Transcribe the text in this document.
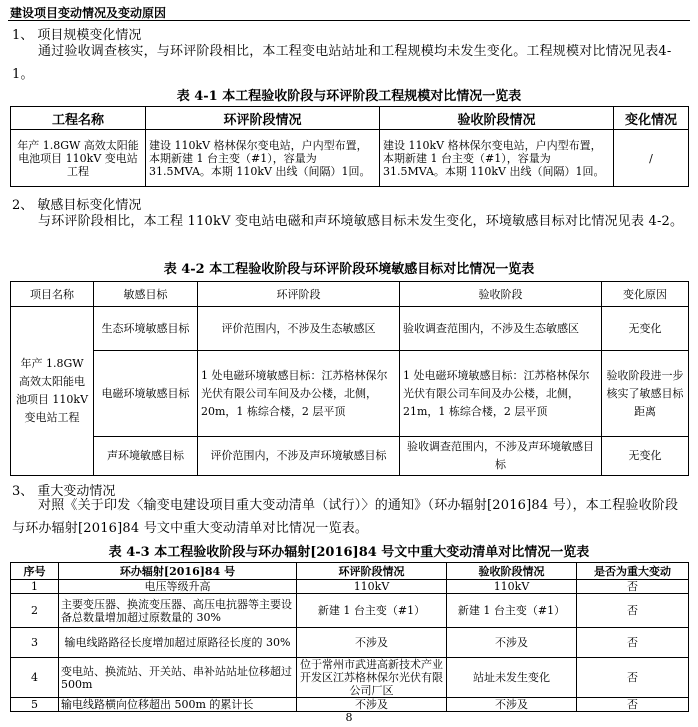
建设项目变动情况及变动原因
1、 项目规模变化情况
通过验收调查核实，与环评阶段相比，本工程变电站站址和工程规模均未发生变化。工程规模对比情况见表4-1。
表 4-1 本工程验收阶段与环评阶段工程规模对比情况一览表
工程名称	环评阶段情况	验收阶段情况	变化情况
年产 1.8GW 高效太阳能电池项目 110kV 变电站工程	建设 110kV 格林保尔变电站，户内型布置，本期新建 1 台主变（#1），容量为31.5MVA。本期 110kV 出线（间隔）1回。	建设 110kV 格林保尔变电站，户内型布置，本期新建 1 台主变（#1），容量为31.5MVA。本期 110kV 出线（间隔）1回。	/
2、 敏感目标变化情况
与环评阶段相比，本工程 110kV 变电站电磁和声环境敏感目标未发生变化，环境敏感目标对比情况见表 4-2。
表 4-2 本工程验收阶段与环评阶段环境敏感目标对比情况一览表
项目名称	敏感目标	环评阶段	验收阶段	变化原因
年产 1.8GW 高效太阳能电池项目 110kV 变电站工程	生态环境敏感目标	评价范围内，不涉及生态敏感区	验收调查范围内，不涉及生态敏感区	无变化
	电磁环境敏感目标	1 处电磁环境敏感目标：江苏格林保尔光伏有限公司车间及办公楼，北侧，20m，1 栋综合楼，2 层平顶	1 处电磁环境敏感目标：江苏格林保尔光伏有限公司车间及办公楼，北侧，21m，1 栋综合楼，2 层平顶	验收阶段进一步核实了敏感目标距离
	声环境敏感目标	评价范围内，不涉及声环境敏感目标	验收调查范围内，不涉及声环境敏感目标	无变化
3、 重大变动情况
对照《关于印发〈输变电建设项目重大变动清单（试行）〉的通知》（环办辐射[2016]84 号），本工程验收阶段与环办辐射[2016]84 号文中重大变动清单对比情况一览表。
表 4-3 本工程验收阶段与环办辐射[2016]84 号文中重大变动清单对比情况一览表
序号	环办辐射[2016]84 号	环评阶段情况	验收阶段情况	是否为重大变动
1	电压等级升高	110kV	110kV	否
2	主要变压器、换流变压器、高压电抗器等主要设备总数量增加超过原数量的 30%	新建 1 台主变（#1）	新建 1 台主变（#1）	否
3	输电线路路径长度增加超过原路径长度的 30%	不涉及	不涉及	否
4	变电站、换流站、开关站、串补站站址位移超过 500m	位于常州市武进高新技术产业开发区江苏格林保尔光伏有限公司厂区	站址未发生变化	否
5	输电线路横向位移超出 500m 的累计长	不涉及	不涉及	否
8
